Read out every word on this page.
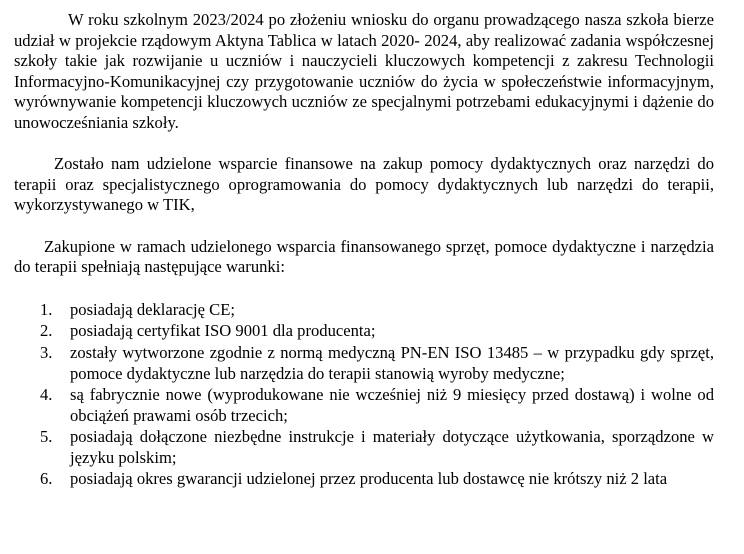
W roku szkolnym 2023/2024 po złożeniu wniosku do organu prowadzącego nasza szkoła bierze udział w projekcie rządowym Aktyna Tablica w latach 2020- 2024, aby realizować zadania współczesnej szkoły takie jak rozwijanie u uczniów i nauczycieli kluczowych kompetencji z zakresu Technologii Informacyjno-Komunikacyjnej czy przygotowanie uczniów do życia w społeczeństwie informacyjnym, wyrównywanie kompetencji kluczowych uczniów ze specjalnymi potrzebami edukacyjnymi i dążenie do unowocześniania szkoły.

Zostało nam udzielone wsparcie finansowe na zakup pomocy dydaktycznych oraz narzędzi do terapii oraz specjalistycznego oprogramowania do pomocy dydaktycznych lub narzędzi do terapii, wykorzystywanego w TIK,

Zakupione w ramach udzielonego wsparcia finansowanego sprzęt, pomoce dydaktyczne i narzędzia do terapii spełniają następujące warunki:

1. posiadają deklarację CE;
2. posiadają certyfikat ISO 9001 dla producenta;
3. zostały wytworzone zgodnie z normą medyczną PN-EN ISO 13485 – w przypadku gdy sprzęt, pomoce dydaktyczne lub narzędzia do terapii stanowią wyroby medyczne;
4. są fabrycznie nowe (wyprodukowane nie wcześniej niż 9 miesięcy przed dostawą) i wolne od obciążeń prawami osób trzecich;
5. posiadają dołączone niezbędne instrukcje i materiały dotyczące użytkowania, sporządzone w języku polskim;
6. posiadają okres gwarancji udzielonej przez producenta lub dostawcę nie krótszy niż 2 lata
